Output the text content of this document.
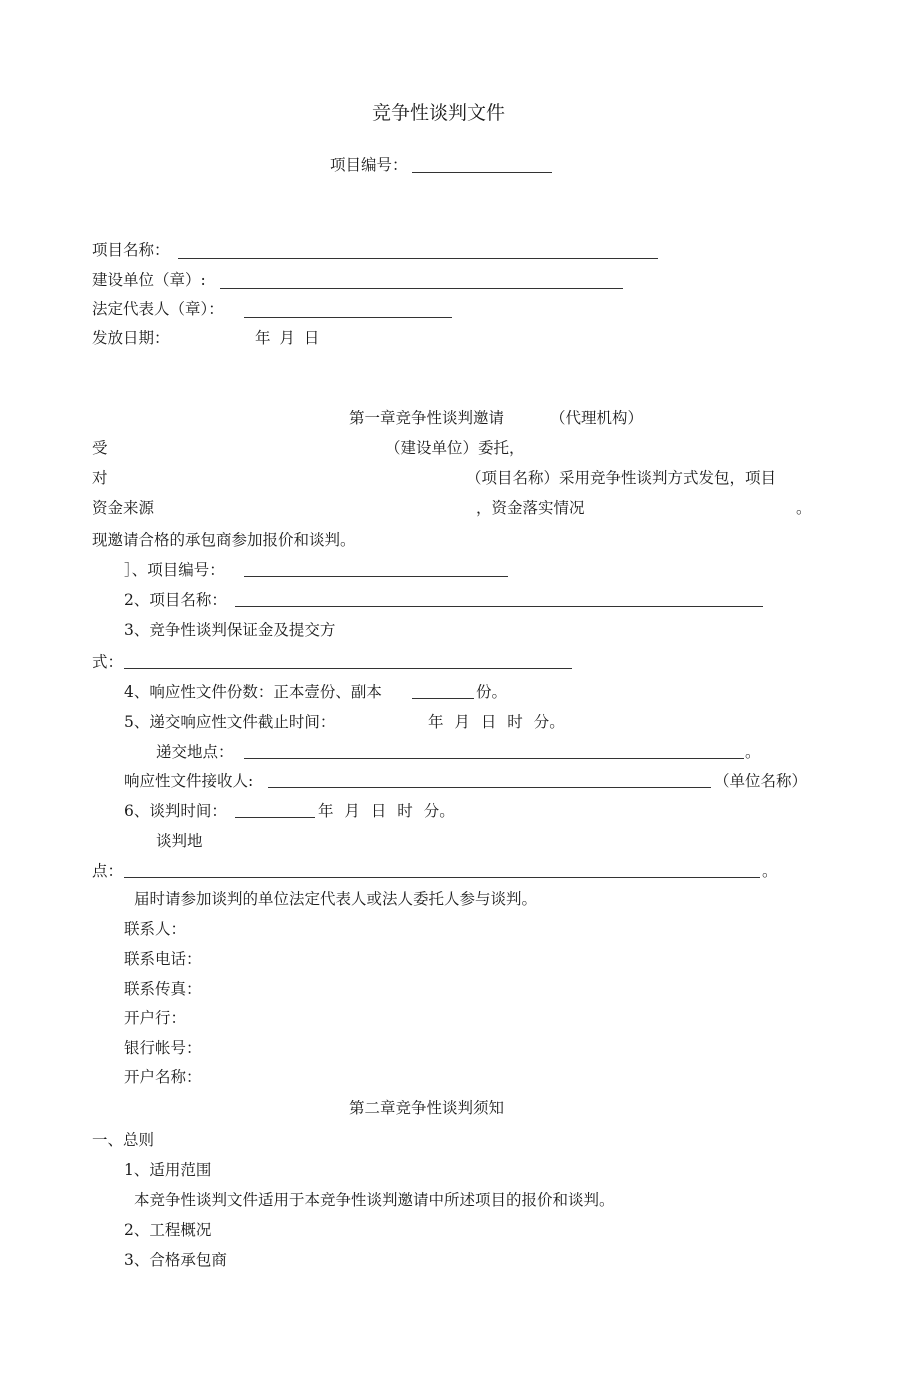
竞争性谈判文件
项目编号：
项目名称：
建设单位（章）:
法定代表人（章）：
发放日期：	年 月 日
第一章竞争性谈判邀请	（代理机构）
受	（建设单位）委托，
对	（项目名称）采用竞争性谈判方式发包，项目
资金来源	，资金落实情况	。
现邀请合格的承包商参加报价和谈判。
］、项目编号：
2、项目名称：
3、竞争性谈判保证金及提交方
式：
4、响应性文件份数：正本壹份、副本	份。
5、递交响应性文件截止时间：	年 月 日 时 分。
递交地点：	。
响应性文件接收人:	（单位名称）
6、谈判时间：	年 月 日 时 分。
谈判地
点：	。
届时请参加谈判的单位法定代表人或法人委托人参与谈判。
联系人：
联系电话：
联系传真：
开户行：
银行帐号：
开户名称：
第二章竞争性谈判须知
一、总则
1、适用范围
本竞争性谈判文件适用于本竞争性谈判邀请中所述项目的报价和谈判。
2、工程概况
3、合格承包商
